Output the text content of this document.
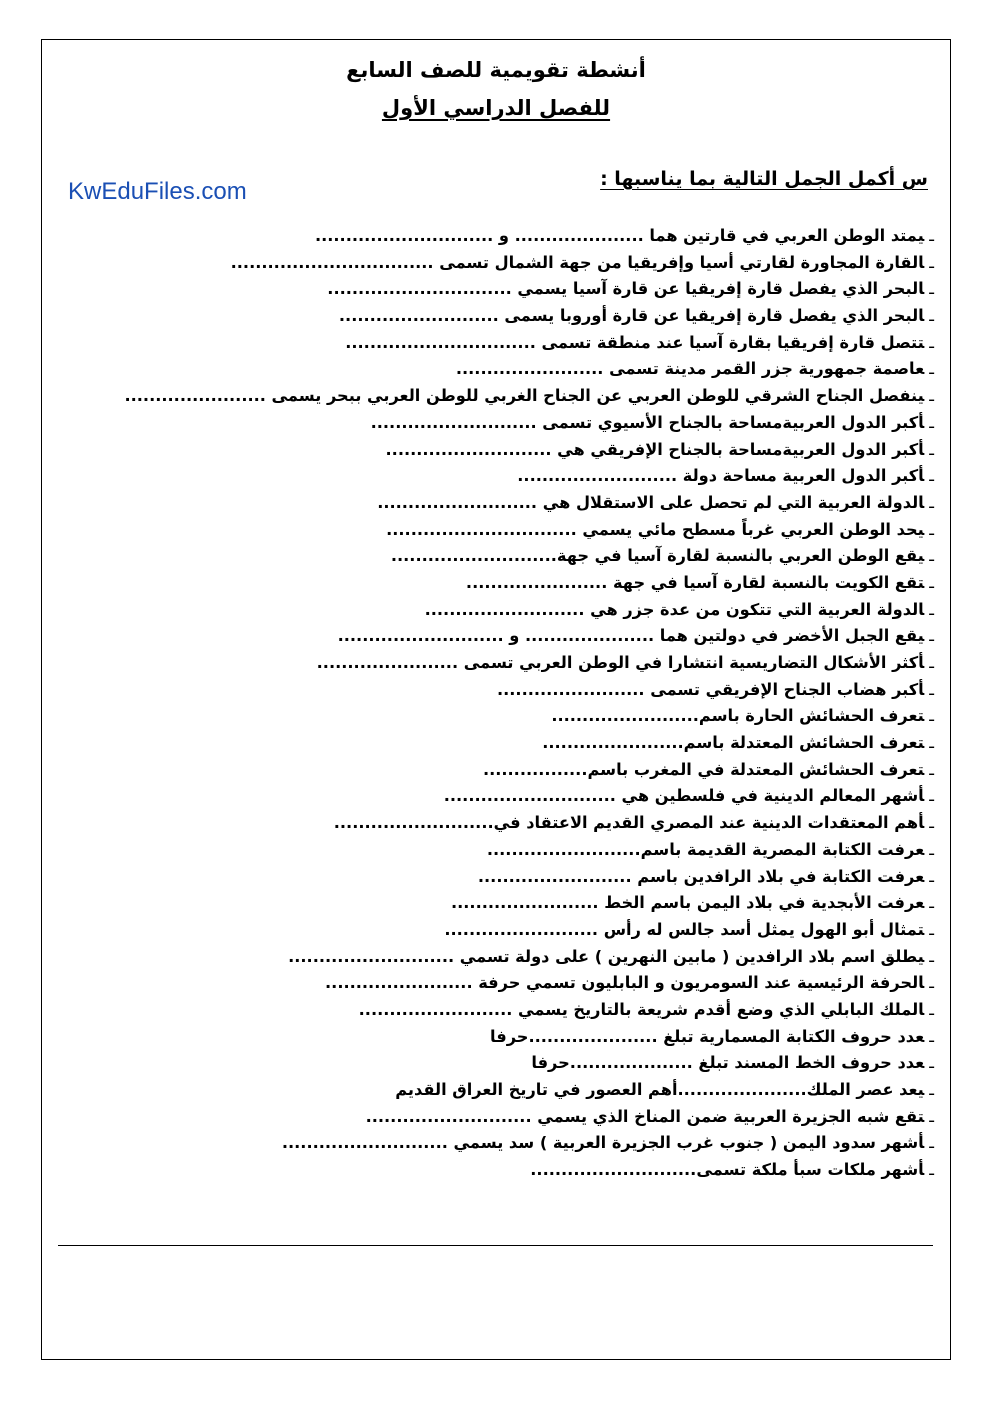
أنشطة تقويمية للصف السابع
للفصل الدراسي الأول
KwEduFiles.com	س أكمل الجمل التالية بما يناسبها :
ـيمتد الوطن العربي في قارتين هما ..................... و .............................
ـالقارة المجاورة لقارتي أسيا وإفريقيا من جهة الشمال تسمى .................................
ـالبحر الذي يفصل قارة إفريقيا عن قارة آسيا يسمي ..............................
ـالبحر الذي يفصل قارة إفريقيا عن قارة أوروبا يسمى ..........................
ـتتصل قارة إفريقيا بقارة آسيا عند منطقة تسمى ...............................
ـعاصمة جمهورية جزر القمر مدينة تسمى ........................
ـينفصل الجناح الشرقي للوطن العربي عن الجناح الغربي للوطن العربي ببحر يسمى .......................
ـأكبر الدول العربيةمساحة بالجناح الأسيوي تسمى ...........................
ـأكبر الدول العربيةمساحة بالجناح الإفريقي هي ...........................
ـأكبر الدول العربية مساحة دولة ..........................
ـالدولة العربية التي لم تحصل على الاستقلال هي ..........................
ـيحد الوطن العربي غرباً مسطح مائي يسمي ...............................
ـيقع الوطن العربي بالنسبة لقارة آسيا في جهة...........................
ـتقع الكويت بالنسبة لقارة آسيا في جهة .......................
ـالدولة العربية التي تتكون من عدة جزر هي ..........................
ـيقع الجبل الأخضر في دولتين هما ..................... و ...........................
ـأكثر الأشكال التضاريسية انتشارا في الوطن العربي تسمى .......................
ـأكبر هضاب الجناح الإفريقي تسمى ........................
ـتعرف الحشائش الحارة باسم........................
ـتعرف الحشائش المعتدلة باسم.......................
ـتعرف الحشائش المعتدلة في المغرب باسم.................
ـأشهر المعالم الدينية في فلسطين هي ............................
ـأهم المعتقدات الدينية عند المصري القديم الاعتقاد في..........................
ـعرفت الكتابة المصرية القديمة باسم.........................
ـعرفت الكتابة في بلاد الرافدين باسم .........................
ـعرفت الأبجدية في بلاد اليمن باسم الخط ........................
ـتمثال أبو الهول يمثل أسد جالس له رأس .........................
ـيطلق اسم بلاد الرافدين ( مابين النهرين ) على دولة تسمي ...........................
ـالحرفة الرئيسية عند السومريون و البابليون تسمي حرفة ........................
ـالملك البابلي الذي وضع أقدم شريعة بالتاريخ يسمي .........................
ـعدد حروف الكتابة المسمارية تبلغ .....................حرفا
ـعدد حروف الخط المسند تبلغ ....................حرفا
ـيعد عصر الملك.....................أهم العصور في تاريخ العراق القديم
ـتقع شبه الجزيرة العربية ضمن المناخ الذي يسمي ...........................
ـأشهر سدود اليمن ( جنوب غرب الجزيرة العربية ) سد يسمي ...........................
ـأشهر ملكات سبأ ملكة تسمى...........................
